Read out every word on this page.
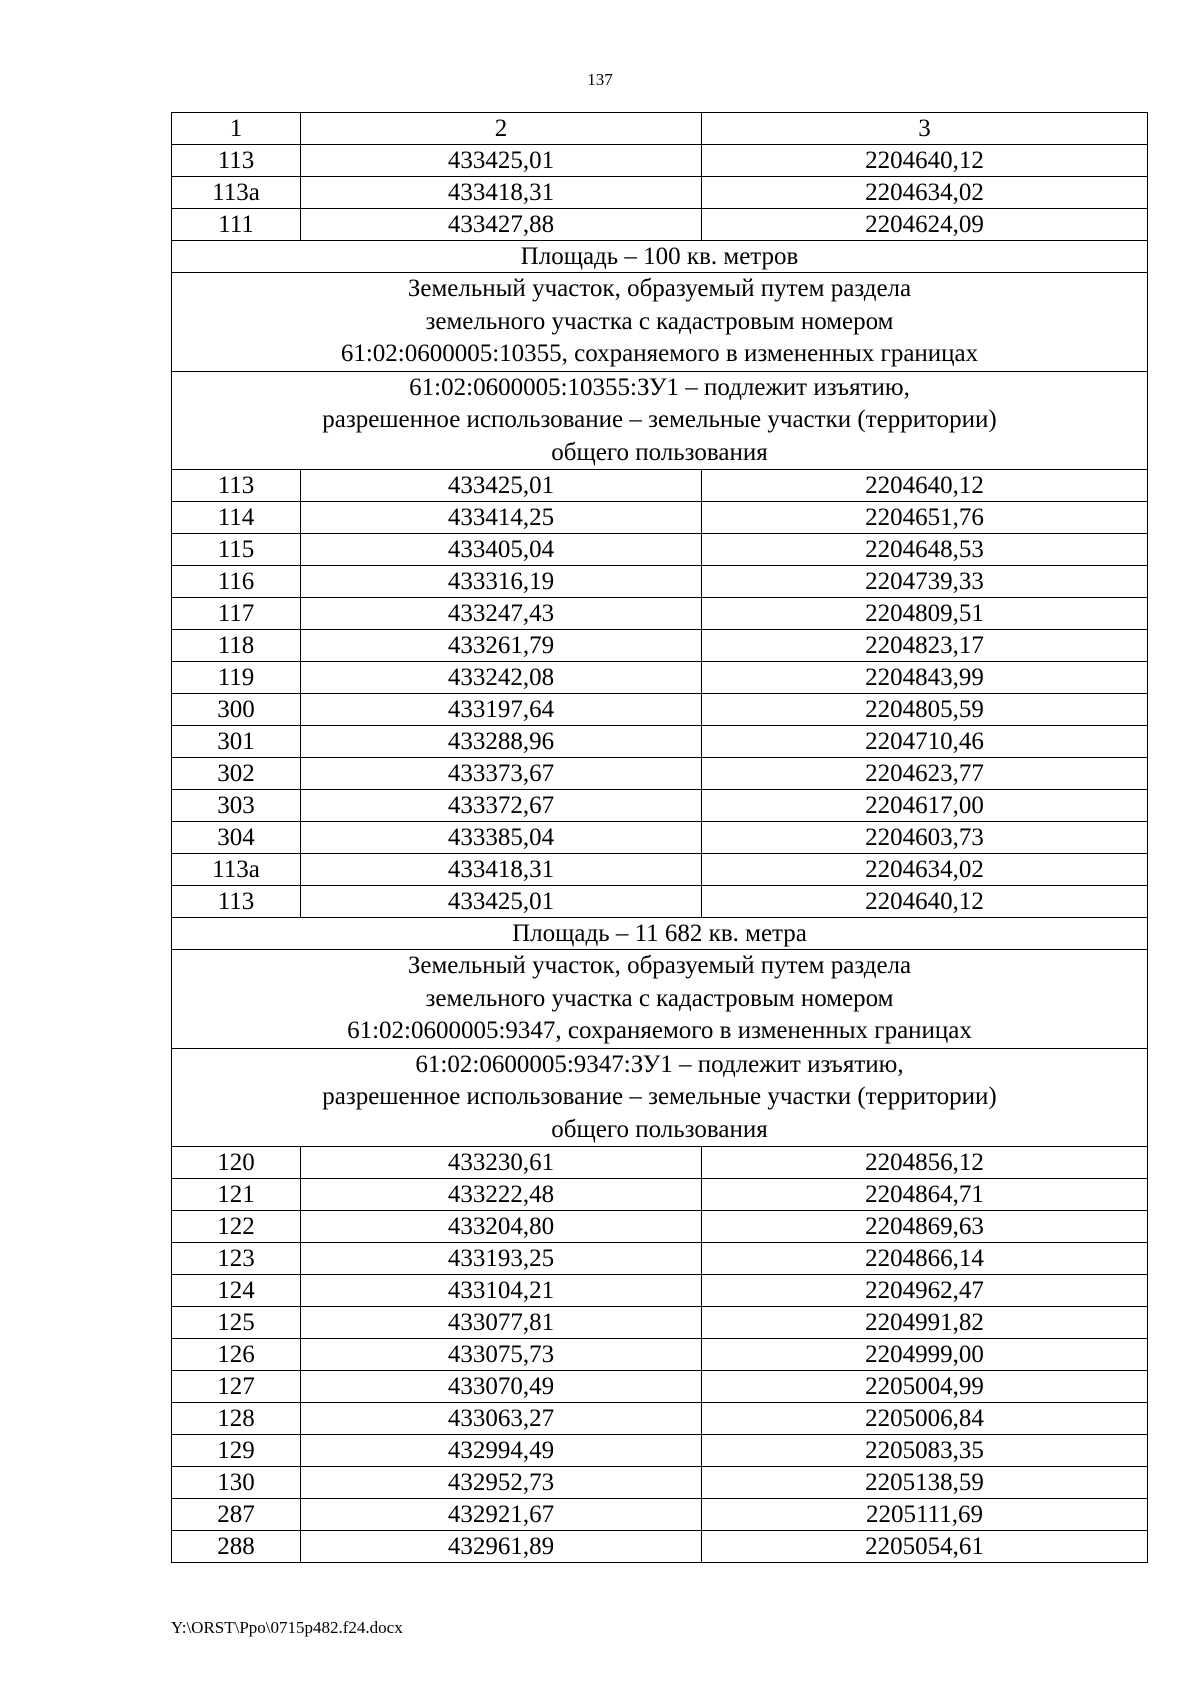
137
1	2	3
113	433425,01	2204640,12
113а	433418,31	2204634,02
111	433427,88	2204624,09
Площадь – 100 кв. метров		
Земельный участок, образуемый путем раздела
земельного участка с кадастровым номером
61:02:0600005:10355, сохраняемого в измененных границах		
61:02:0600005:10355:ЗУ1 – подлежит изъятию,
разрешенное использование – земельные участки (территории)
общего пользования		
113	433425,01	2204640,12
114	433414,25	2204651,76
115	433405,04	2204648,53
116	433316,19	2204739,33
117	433247,43	2204809,51
118	433261,79	2204823,17
119	433242,08	2204843,99
300	433197,64	2204805,59
301	433288,96	2204710,46
302	433373,67	2204623,77
303	433372,67	2204617,00
304	433385,04	2204603,73
113а	433418,31	2204634,02
113	433425,01	2204640,12
Площадь – 11 682 кв. метра		
Земельный участок, образуемый путем раздела
земельного участка с кадастровым номером
61:02:0600005:9347, сохраняемого в измененных границах		
61:02:0600005:9347:ЗУ1 – подлежит изъятию,
разрешенное использование – земельные участки (территории)
общего пользования		
120	433230,61	2204856,12
121	433222,48	2204864,71
122	433204,80	2204869,63
123	433193,25	2204866,14
124	433104,21	2204962,47
125	433077,81	2204991,82
126	433075,73	2204999,00
127	433070,49	2205004,99
128	433063,27	2205006,84
129	432994,49	2205083,35
130	432952,73	2205138,59
287	432921,67	2205111,69
288	432961,89	2205054,61
Y:\ORST\Ppo\0715p482.f24.docx
